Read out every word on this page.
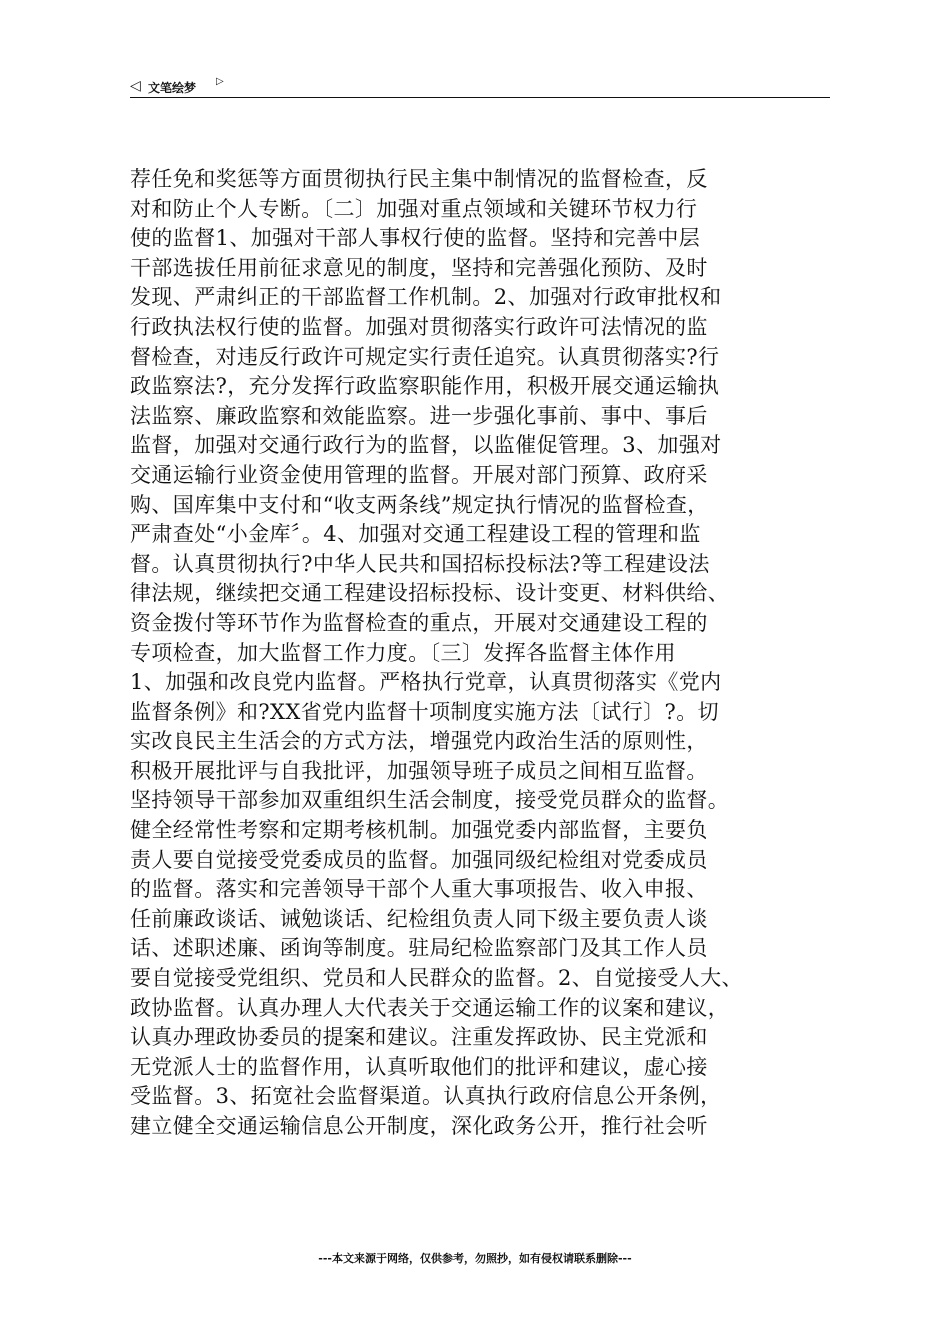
◁ 文笔绘梦 ▷
荐任免和奖惩等方面贯彻执行民主集中制情况的监督检查，反
对和防止个人专断。〔二〕加强对重点领域和关键环节权力行
使的监督1、加强对干部人事权行使的监督。坚持和完善中层
干部选拔任用前征求意见的制度，坚持和完善强化预防、及时
发现、严肃纠正的干部监督工作机制。2、加强对行政审批权和
行政执法权行使的监督。加强对贯彻落实行政许可法情况的监
督检查，对违反行政许可规定实行责任追究。认真贯彻落实?行
政监察法?，充分发挥行政监察职能作用，积极开展交通运输执
法监察、廉政监察和效能监察。进一步强化事前、事中、事后
监督，加强对交通行政行为的监督，以监催促管理。3、加强对
交通运输行业资金使用管理的监督。开展对部门预算、政府采
购、国库集中支付和“收支两条线”规定执行情况的监督检查，
严肃查处“小金库〞。4、加强对交通工程建设工程的管理和监
督。认真贯彻执行?中华人民共和国招标投标法?等工程建设法
律法规，继续把交通工程建设招标投标、设计变更、材料供给、
资金拨付等环节作为监督检查的重点，开展对交通建设工程的
专项检查，加大监督工作力度。〔三〕发挥各监督主体作用
1、加强和改良党内监督。严格执行党章，认真贯彻落实《党内
监督条例》和?XX省党内监督十项制度实施方法〔试行〕?。切
实改良民主生活会的方式方法，增强党内政治生活的原则性，
积极开展批评与自我批评，加强领导班子成员之间相互监督。
坚持领导干部参加双重组织生活会制度，接受党员群众的监督。
健全经常性考察和定期考核机制。加强党委内部监督，主要负
责人要自觉接受党委成员的监督。加强同级纪检组对党委成员
的监督。落实和完善领导干部个人重大事项报告、收入申报、
任前廉政谈话、诫勉谈话、纪检组负责人同下级主要负责人谈
话、述职述廉、函询等制度。驻局纪检监察部门及其工作人员
要自觉接受党组织、党员和人民群众的监督。2、自觉接受人大、
政协监督。认真办理人大代表关于交通运输工作的议案和建议，
认真办理政协委员的提案和建议。注重发挥政协、民主党派和
无党派人士的监督作用，认真听取他们的批评和建议，虚心接
受监督。3、拓宽社会监督渠道。认真执行政府信息公开条例，
建立健全交通运输信息公开制度，深化政务公开，推行社会听
---本文来源于网络，仅供参考，勿照抄，如有侵权请联系删除---
